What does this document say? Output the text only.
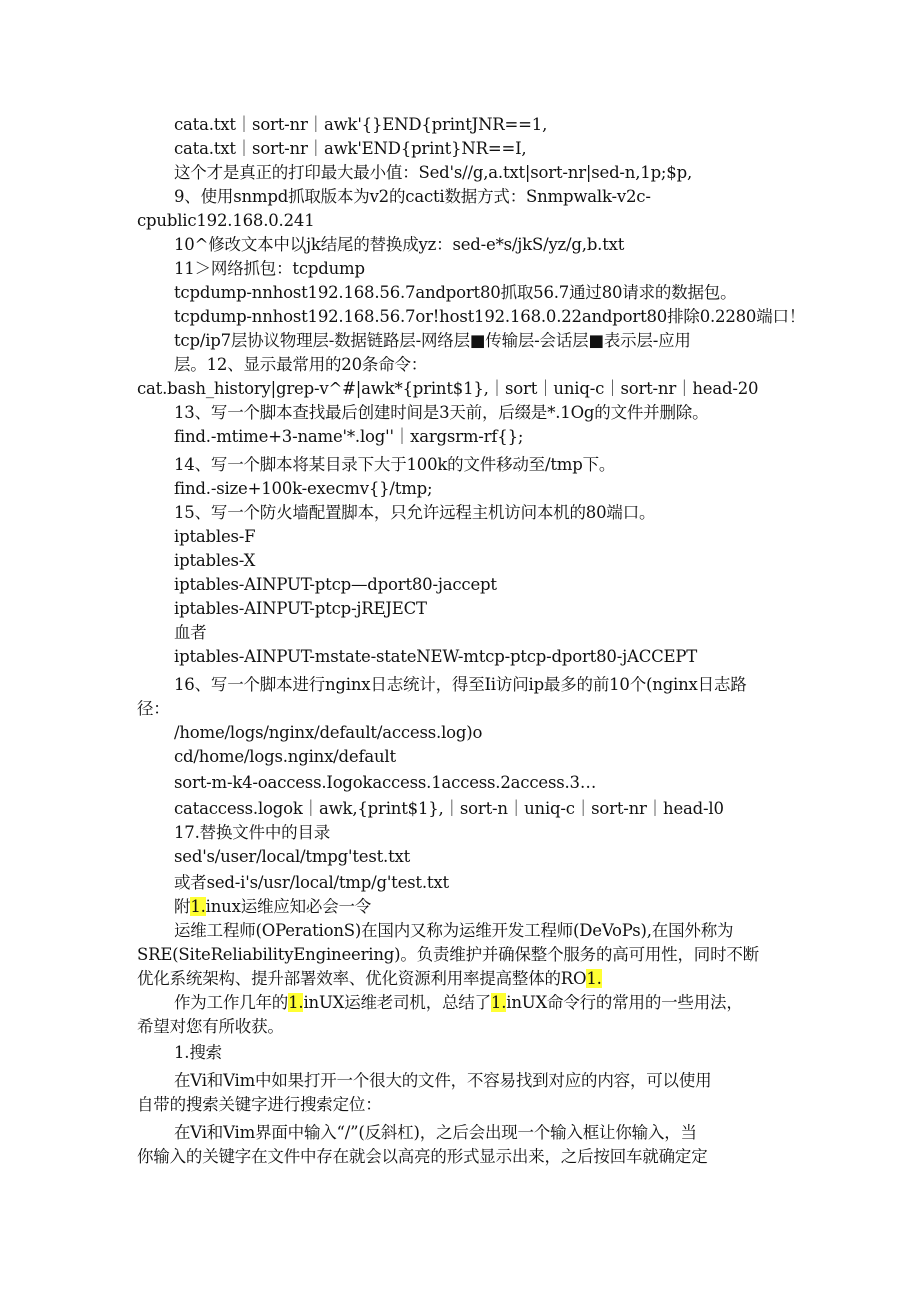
cata.txt｜sort-nr｜awk'{}END{printJNR==1,
cata.txt｜sort-nr｜awk'END{print}NR==I,
这个才是真正的打印最大最小值：Sed's//g,a.txt|sort-nr|sed-n,1p;$p,
9、使用snmpd抓取版本为v2的cacti数据方式：Snmpwalk-v2c-
cpublic192.168.0.241
10^修改文本中以jk结尾的替换成yz：sed-e*s/jkS/yz/g,b.txt
11＞网络抓包：tcpdump
tcpdump-nnhost192.168.56.7andport80抓取56.7通过80请求的数据包。
tcpdump-nnhost192.168.56.7or!host192.168.0.22andport80排除0.2280端口！
tcp/ip7层协议物理层-数据链路层-网络层■传输层-会话层■表示层-应用
层。12、显示最常用的20条命令：
cat.bash_history|grep-v^#|awk*{print$1},｜sort｜uniq-c｜sort-nr｜head-20
13、写一个脚本查找最后创建时间是3天前，后缀是*.1Og的文件并删除。
find.-mtime+3-name'*.log''｜xargsrm-rf{};
14、写一个脚本将某目录下大于100k的文件移动至/tmp下。
find.-size+100k-execmv{}/tmp;
15、写一个防火墙配置脚本，只允许远程主机访问本机的80端口。
iptables-F
iptables-X
iptables-AINPUT-ptcp—dport80-jaccept
iptables-AINPUT-ptcp-jREJECT
血者
iptables-AINPUT-mstate-stateNEW-mtcp-ptcp-dport80-jACCEPT
16、写一个脚本进行nginx日志统计，得至Ii访问ip最多的前10个(nginx日志路
径：
/home/logs/nginx/default/access.log)o
cd/home/logs.nginx/default
sort-m-k4-oaccess.Iogokaccess.1access.2access.3…
cataccess.logok｜awk,{print$1},｜sort-n｜uniq-c｜sort-nr｜head-l0
17.替换文件中的目录
sed's/user/local/tmpg'test.txt
或者sed-i's/usr/local/tmp/g'test.txt
附1.inux运维应知必会一令
运维工程师(OPerationS)在国内又称为运维开发工程师(DeVoPs),在国外称为
SRE(SiteReliabilityEngineering)。负责维护并确保整个服务的高可用性，同时不断
优化系统架构、提升部署效率、优化资源利用率提高整体的RO1.
作为工作几年的1.inUX运维老司机，总结了1.inUX命令行的常用的一些用法，
希望对您有所收获。
1.搜索
在Vi和Vim中如果打开一个很大的文件，不容易找到对应的内容，可以使用
自带的搜索关键字进行搜索定位：
在Vi和Vim界面中输入“/”(反斜杠)，之后会出现一个输入框让你输入，当
你输入的关键字在文件中存在就会以高亮的形式显示出来，之后按回车就确定定
